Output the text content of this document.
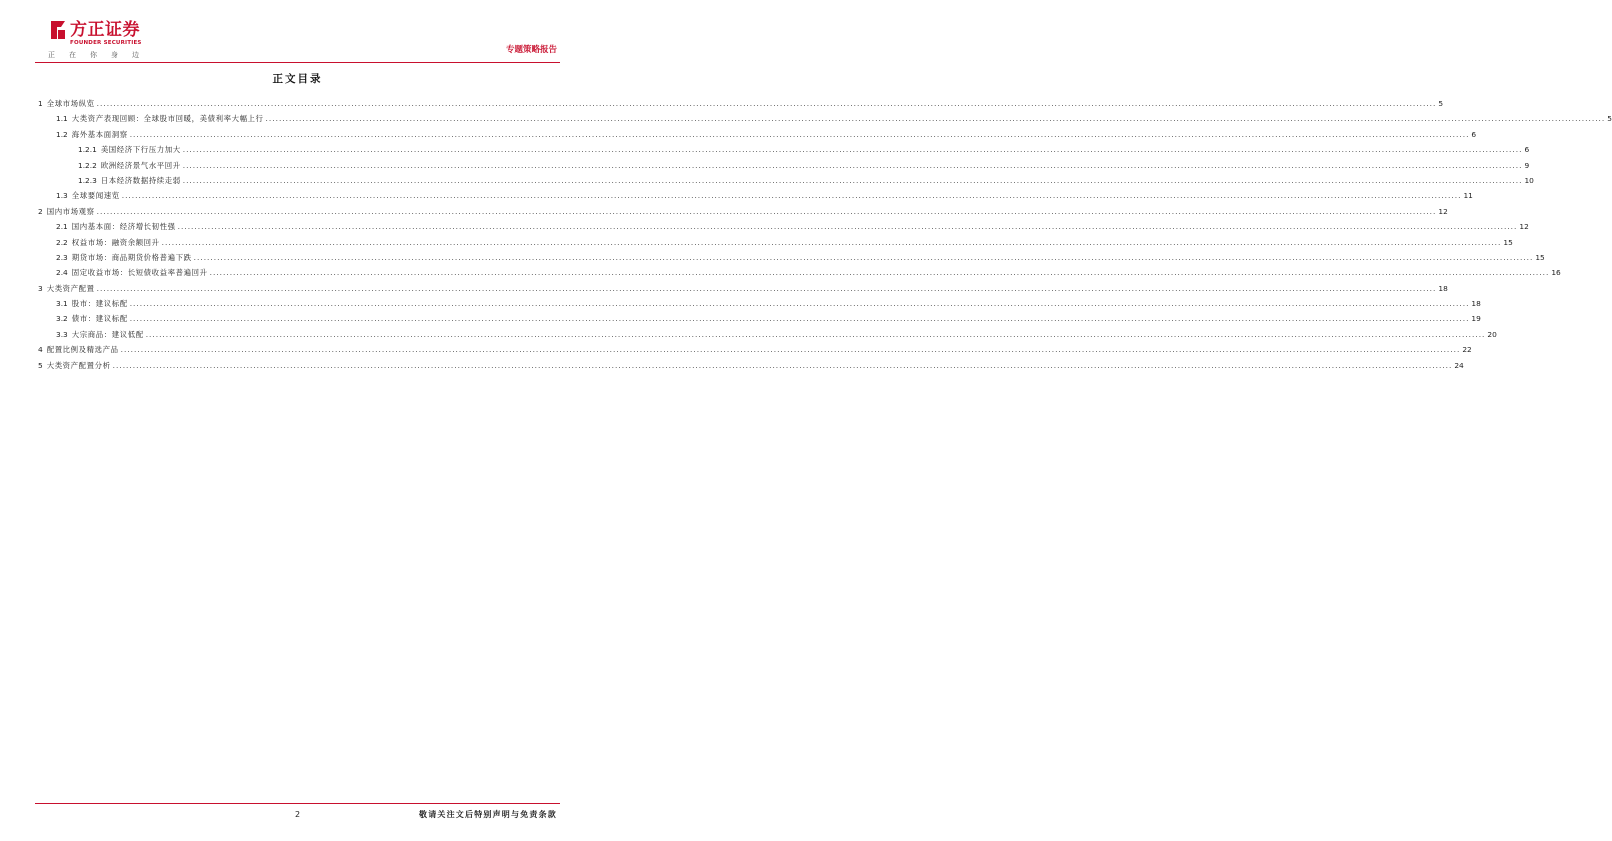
方正证券
FOUNDER SECURITIES
正在你身边	专题策略报告
正文目录
1 全球市场纵览 ................................................................................................................................................................................................................................................................................................................................................................................................................ 5
1.1 大类资产表现回顾：全球股市回暖，美债利率大幅上行 ................................................................................................................................................................................................................................................................................................................................................................................................................ 5
1.2 海外基本面洞察 ................................................................................................................................................................................................................................................................................................................................................................................................................ 6
1.2.1 美国经济下行压力加大 ................................................................................................................................................................................................................................................................................................................................................................................................................ 6
1.2.2 欧洲经济景气水平回升 ................................................................................................................................................................................................................................................................................................................................................................................................................ 9
1.2.3 日本经济数据持续走弱 ................................................................................................................................................................................................................................................................................................................................................................................................................ 10
1.3 全球要闻速览 ................................................................................................................................................................................................................................................................................................................................................................................................................ 11
2 国内市场观察 ................................................................................................................................................................................................................................................................................................................................................................................................................ 12
2.1 国内基本面：经济增长韧性强 ................................................................................................................................................................................................................................................................................................................................................................................................................ 12
2.2 权益市场：融资余额回升 ................................................................................................................................................................................................................................................................................................................................................................................................................ 15
2.3 期货市场：商品期货价格普遍下跌 ................................................................................................................................................................................................................................................................................................................................................................................................................ 15
2.4 固定收益市场：长短债收益率普遍回升 ................................................................................................................................................................................................................................................................................................................................................................................................................ 16
3 大类资产配置 ................................................................................................................................................................................................................................................................................................................................................................................................................ 18
3.1 股市：建议标配 ................................................................................................................................................................................................................................................................................................................................................................................................................ 18
3.2 债市：建议标配 ................................................................................................................................................................................................................................................................................................................................................................................................................ 19
3.3 大宗商品：建议低配 ................................................................................................................................................................................................................................................................................................................................................................................................................ 20
4 配置比例及精选产品 ................................................................................................................................................................................................................................................................................................................................................................................................................ 22
5 大类资产配置分析 ................................................................................................................................................................................................................................................................................................................................................................................................................ 24
2	敬请关注文后特别声明与免责条款
